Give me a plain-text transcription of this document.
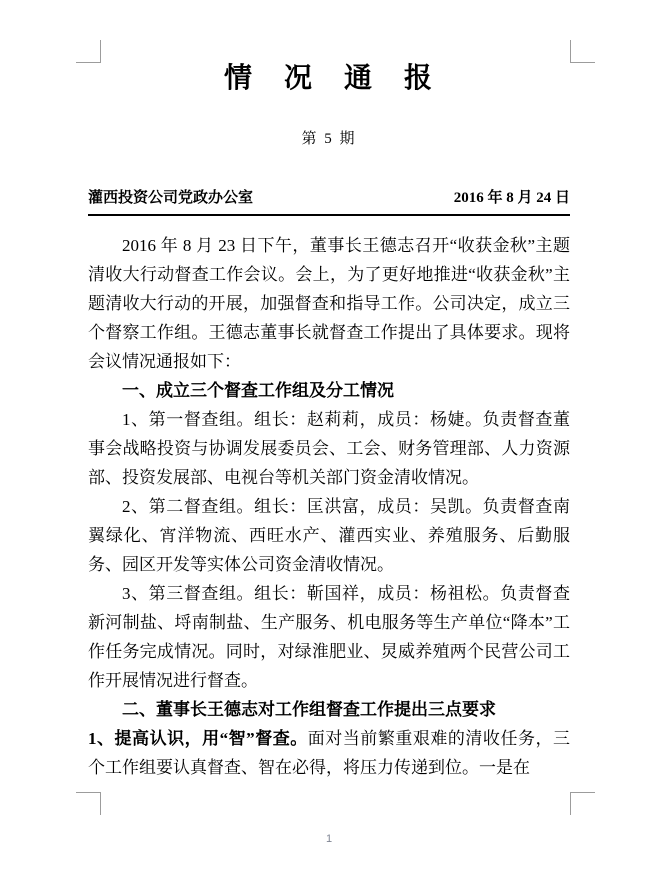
情　况　通　报
第 5 期
灌西投资公司党政办公室	2016 年 8 月 24 日

2016 年 8 月 23 日下午，董事长王德志召开“收获金秋”主题清收大行动督查工作会议。会上，为了更好地推进“收获金秋”主题清收大行动的开展，加强督查和指导工作。公司决定，成立三个督察工作组。王德志董事长就督查工作提出了具体要求。现将会议情况通报如下：

一、成立三个督查工作组及分工情况

1、第一督查组。组长：赵莉莉，成员：杨婕。负责督查董事会战略投资与协调发展委员会、工会、财务管理部、人力资源部、投资发展部、电视台等机关部门资金清收情况。

2、第二督查组。组长：匡洪富，成员：吴凯。负责督查南翼绿化、宵洋物流、西旺水产、灌西实业、养殖服务、后勤服务、园区开发等实体公司资金清收情况。

3、第三督查组。组长：靳国祥，成员：杨祖松。负责督查新河制盐、埒南制盐、生产服务、机电服务等生产单位“降本”工作任务完成情况。同时，对绿淮肥业、炅威养殖两个民营公司工作开展情况进行督查。

二、董事长王德志对工作组督查工作提出三点要求

1、提高认识，用“智”督查。面对当前繁重艰难的清收任务，三个工作组要认真督查、智在必得，将压力传递到位。一是在

1
